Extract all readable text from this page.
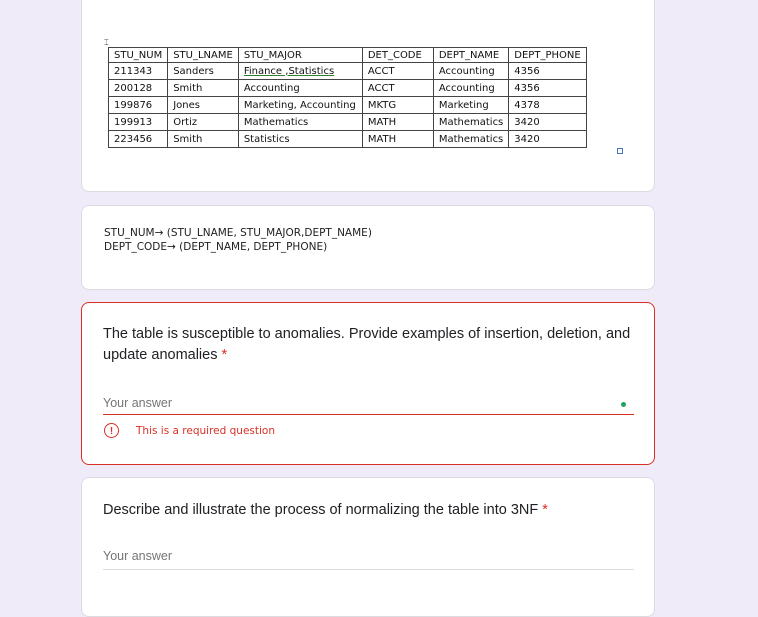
⌶
STU_NUM	STU_LNAME	STU_MAJOR	DET_CODE	DEPT_NAME	DEPT_PHONE
211343	Sanders	Finance ,Statistics	ACCT	Accounting	4356
200128	Smith	Accounting	ACCT	Accounting	4356
199876	Jones	Marketing, Accounting	MKTG	Marketing	4378
199913	Ortiz	Mathematics	MATH	Mathematics	3420
223456	Smith	Statistics	MATH	Mathematics	3420
STU_NUM→ (STU_LNAME, STU_MAJOR,DEPT_NAME)
DEPT_CODE→ (DEPT_NAME, DEPT_PHONE)
The table is susceptible to anomalies. Provide examples of insertion, deletion, and update anomalies *
Your answer
!	This is a required question
Describe and illustrate the process of normalizing the table into 3NF *
Your answer
